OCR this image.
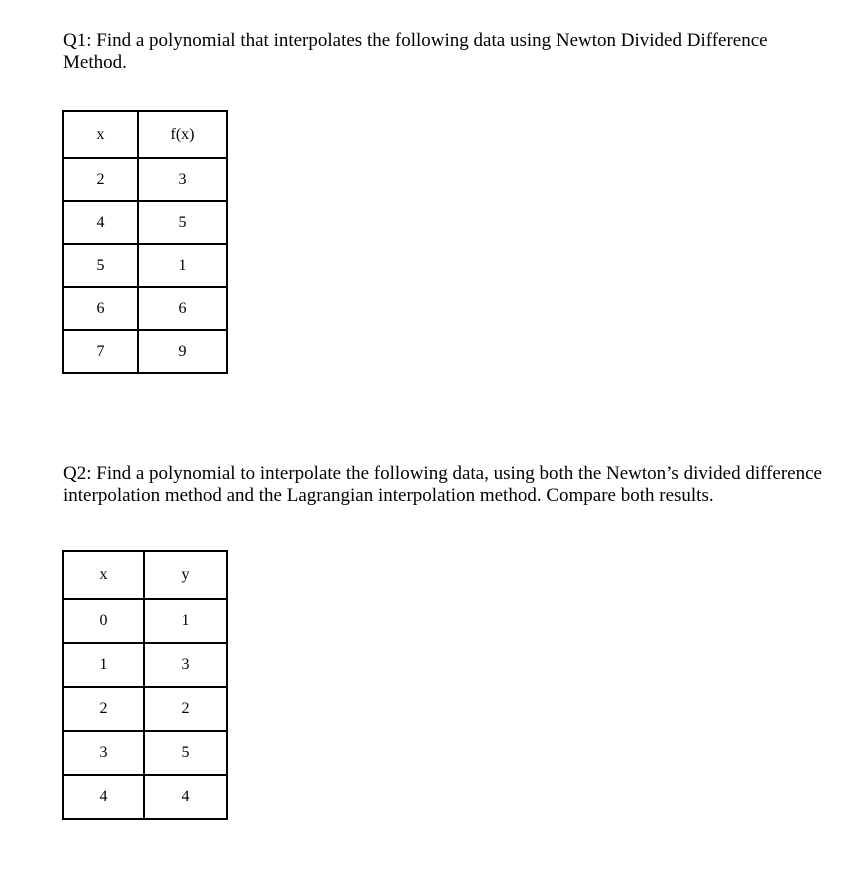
Q1: Find a polynomial that interpolates the following data using Newton Divided Difference Method.

x	f(x)
2	3
4	5
5	1
6	6
7	9

Q2: Find a polynomial to interpolate the following data, using both the Newton’s divided difference interpolation method and the Lagrangian interpolation method. Compare both results.

x	y
0	1
1	3
2	2
3	5
4	4
